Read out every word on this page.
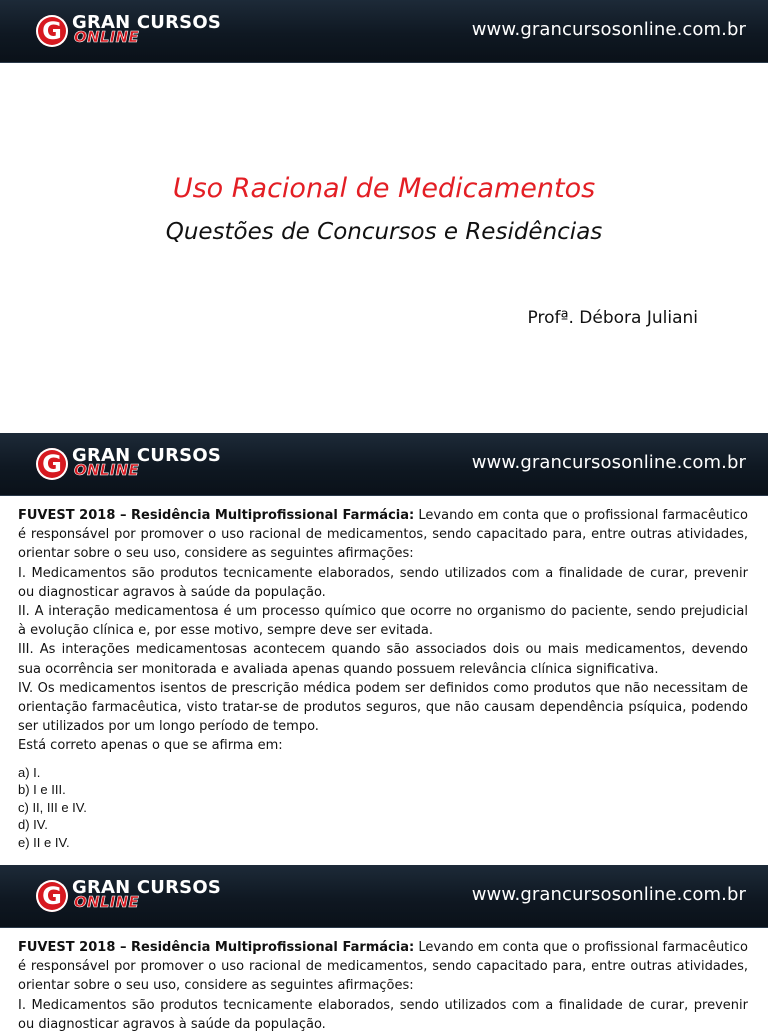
G GRAN CURSOS
ONLINE	www.grancursosonline.com.br
Uso Racional de Medicamentos
Questões de Concursos e Residências
Profª. Débora Juliani
G GRAN CURSOS
ONLINE	www.grancursosonline.com.br

FUVEST 2018 – Residência Multiprofissional Farmácia: Levando em conta que o profissional farmacêutico é responsável por promover o uso racional de medicamentos, sendo capacitado para, entre outras atividades, orientar sobre o seu uso, considere as seguintes afirmações:

I. Medicamentos são produtos tecnicamente elaborados, sendo utilizados com a finalidade de curar, prevenir ou diagnosticar agravos à saúde da população.

II. A interação medicamentosa é um processo químico que ocorre no organismo do paciente, sendo prejudicial à evolução clínica e, por esse motivo, sempre deve ser evitada.

III. As interações medicamentosas acontecem quando são associados dois ou mais medicamentos, devendo sua ocorrência ser monitorada e avaliada apenas quando possuem relevância clínica significativa.

IV. Os medicamentos isentos de prescrição médica podem ser definidos como produtos que não necessitam de orientação farmacêutica, visto tratar-se de produtos seguros, que não causam dependência psíquica, podendo ser utilizados por um longo período de tempo.

Está correto apenas o que se afirma em:

a) I.
b) I e III.
c) II, III e IV.
d) IV.
e) II e IV.
G GRAN CURSOS
ONLINE	www.grancursosonline.com.br

FUVEST 2018 – Residência Multiprofissional Farmácia: Levando em conta que o profissional farmacêutico é responsável por promover o uso racional de medicamentos, sendo capacitado para, entre outras atividades, orientar sobre o seu uso, considere as seguintes afirmações:

I. Medicamentos são produtos tecnicamente elaborados, sendo utilizados com a finalidade de curar, prevenir ou diagnosticar agravos à saúde da população.
